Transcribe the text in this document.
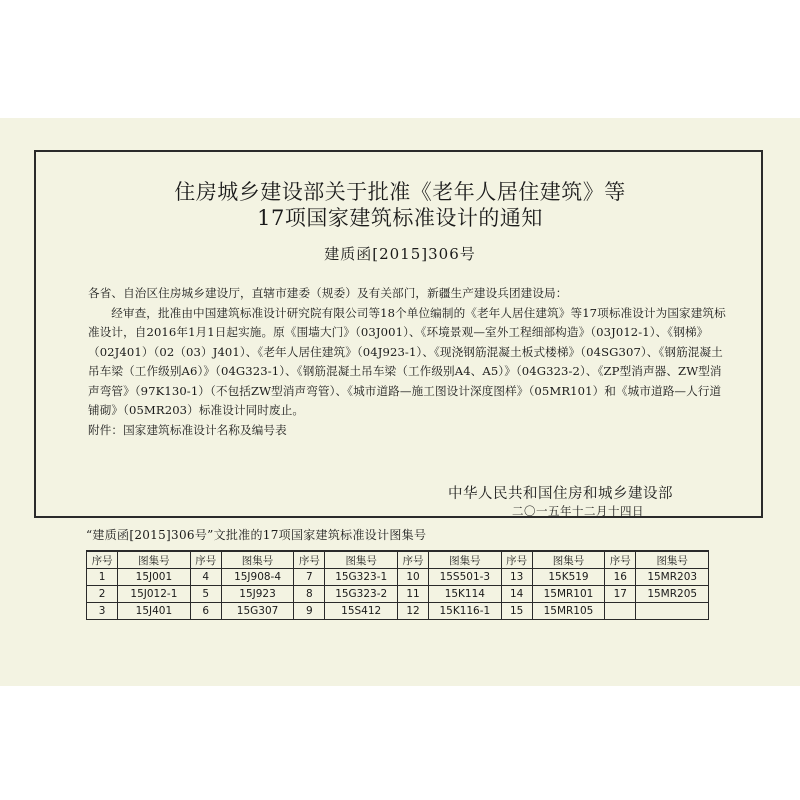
住房城乡建设部关于批准《老年人居住建筑》等
17项国家建筑标准设计的通知
建质函[2015]306号

各省、自治区住房城乡建设厅，直辖市建委（规委）及有关部门，新疆生产建设兵团建设局：

经审查，批准由中国建筑标准设计研究院有限公司等18个单位编制的《老年人居住建筑》等17项标准设计为国家建筑标准设计，自2016年1月1日起实施。原《围墙大门》（03J001）、《环境景观—室外工程细部构造》（03J012-1）、《钢梯》（02J401）（02（03）J401）、《老年人居住建筑》（04J923-1）、《现浇钢筋混凝土板式楼梯》（04SG307）、《钢筋混凝土吊车梁（工作级别A6）》（04G323-1）、《钢筋混凝土吊车梁（工作级别A4、A5）》（04G323-2）、《ZP型消声器、ZW型消声弯管》（97K130-1）（不包括ZW型消声弯管）、《城市道路—施工图设计深度图样》（05MR101）和《城市道路—人行道铺砌》（05MR203）标准设计同时废止。

附件：国家建筑标准设计名称及编号表

中华人民共和国住房和城乡建设部
二〇一五年十二月十四日
“建质函[2015]306号”文批准的17项国家建筑标准设计图集号
序号	图集号	序号	图集号	序号	图集号	序号	图集号	序号	图集号	序号	图集号
1	15J001	4	15J908-4	7	15G323-1	10	15S501-3	13	15K519	16	15MR203
2	15J012-1	5	15J923	8	15G323-2	11	15K114	14	15MR101	17	15MR205
3	15J401	6	15G307	9	15S412	12	15K116-1	15	15MR105		
